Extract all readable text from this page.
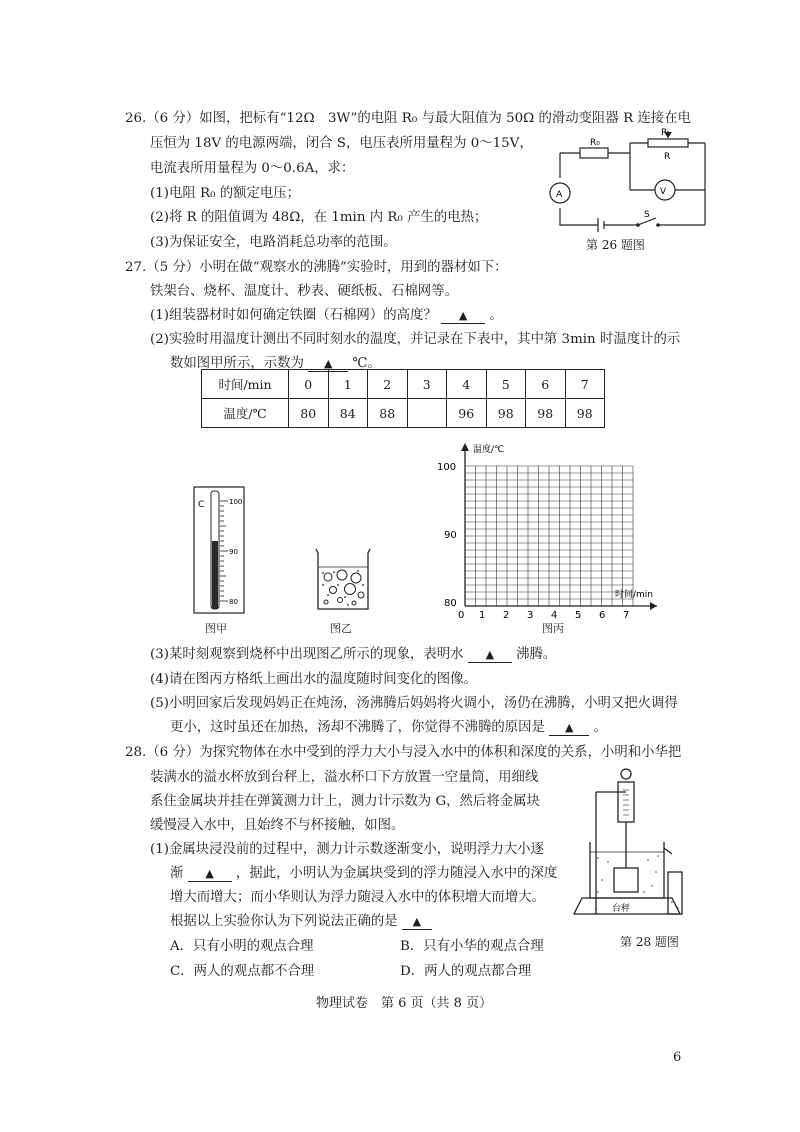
26.（6 分）如图，把标有“12Ω　3W”的电阻 R₀ 与最大阻值为 50Ω 的滑动变阻器 R 连接在电
压恒为 18V 的电源两端，闭合 S，电压表所用量程为 0～15V，
电流表所用量程为 0～0.6A，求：
(1)电阻 R₀ 的额定电压；
(2)将 R 的阻值调为 48Ω，在 1min 内 R₀ 产生的电热；
(3)为保证安全，电路消耗总功率的范围。
R₀
P
R
V
A
S
第 26 题图
27.（5 分）小明在做“观察水的沸腾”实验时，用到的器材如下：
铁架台、烧杯、温度计、秒表、硬纸板、石棉网等。
(1)组装器材时如何确定铁圈（石棉网）的高度？ ▲ 。
(2)实验时用温度计测出不同时刻水的温度，并记录在下表中，其中第 3min 时温度计的示
数如图甲所示，示数为 ▲ ℃。
时间/min	0	1	2	3	4	5	6	7
温度/℃	80	84	88		96	98	98	98
C	100
90
80
图甲	图乙
温度/℃
时间/min
100
90
80
0 1 2 3 4 5 6 7
图丙
(3)某时刻观察到烧杯中出现图乙所示的现象，表明水 ▲ 沸腾。
(4)请在图丙方格纸上画出水的温度随时间变化的图像。
(5)小明回家后发现妈妈正在炖汤，汤沸腾后妈妈将火调小，汤仍在沸腾，小明又把火调得
更小，这时虽还在加热，汤却不沸腾了，你觉得不沸腾的原因是 ▲ 。
28.（6 分）为探究物体在水中受到的浮力大小与浸入水中的体积和深度的关系，小明和小华把
装满水的溢水杯放到台秤上，溢水杯口下方放置一空量筒，用细线
系住金属块并挂在弹簧测力计上，测力计示数为 G，然后将金属块
缓慢浸入水中，且始终不与杯接触，如图。
(1)金属块浸没前的过程中，测力计示数逐渐变小，说明浮力大小逐
渐 ▲ ，据此，小明认为金属块受到的浮力随浸入水中的深度
增大而增大；而小华则认为浮力随浸入水中的体积增大而增大。
根据以上实验你认为下列说法正确的是 ▲
A．只有小明的观点合理	B．只有小华的观点合理
C．两人的观点都不合理	D．两人的观点都合理
台秤
第 28 题图
物理试卷　第 6 页（共 8 页）
6
